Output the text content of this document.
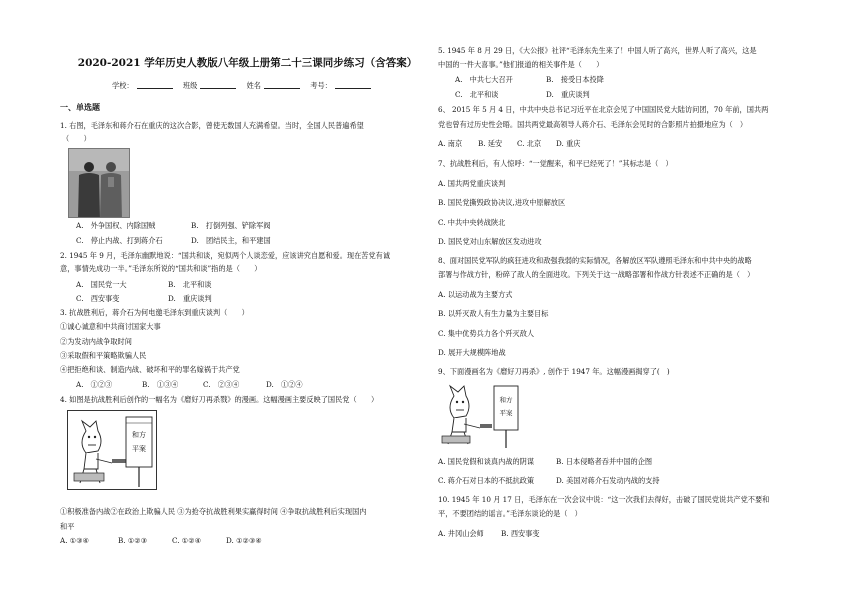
2020-2021 学年历史人教版八年级上册第二十三课同步练习（含答案）
学校：	班级	姓名	考号：
一、单选题
1. 右图，毛泽东和蒋介石在重庆的这次合影，曾使无数国人充满希望。当时，全国人民普遍希望
（　　）
A.　外争国权、内除国贼	B.　打倒列强、铲除军阀
C.　停止内战、打到蒋介石	D.　团结民主，和平建国
2. 1945 年 9 月，毛泽东幽默地说：“国共和谈，宛似两个人谈恋爱，应该讲究自愿和爱。现在苦党有诚
意，事情先成功一半。”毛泽东所说的“国共和谈”指的是（　　）
A.　国民党一大	B.　北平和谈
C.　西安事变	D.　重庆谈判
3. 抗战胜利后，蒋介石为何电邀毛泽东到重庆谈判（　　）
①诚心诚意和中共商讨国家大事
②为发动内战争取时间
③采取假和平策略欺骗人民
④把拒绝和谈、制造内战、破坏和平的罪名嫁祸于共产党
A.　①②③	B.　①③④	C.　②③④	D.　①②④
4. 如图是抗战胜利后创作的一幅名为《磨好刀再杀戮》的漫画。这幅漫画主要反映了国民党（　　）
和方
平案
①积极准备内战②在政治上欺骗人民 ③为抢夺抗战胜利果实赢得时间 ④争取抗战胜利后实现国内
和平
A. ①③④	B. ①②③	C. ①②④	D. ①②③④
5. 1945 年 8 月 29 日，《大公报》社评“毛泽东先生来了！中国人听了高兴，世界人听了高兴，这是
中国的一件大喜事。”他们报道的相关事件是（　　）
A.　中共七大召开	B.　接受日本投降
C.　北平和谈	D.　重庆谈判
6、 2015 年 5 月 4 日，中共中央总书记习近平在北京会见了中国国民党大陆访问团，70 年前，国共两
党也曾有过历史性会晤。国共两党最高领导人蒋介石、毛泽东会见时的合影照片拍摄地应为（　）
A. 南京 B. 延安 C. 北京 D. 重庆
7、抗战胜利后，有人惊呼：“一觉醒来，和平已经死了！”其标志是（　）
A. 国共两党重庆谈判
B. 国民党撕毁政协决议,进攻中原解放区
C. 中共中央转战陕北
D. 国民党对山东解放区发动进攻
8、面对国民党军队的疯狂进攻和敌强我弱的实际情况，各解放区军队遵照毛泽东和中共中央的战略
部署与作战方针，粉碎了敌人的全面进攻。下列关于这一战略部署和作战方针表述不正确的是（　）
A. 以运动战为主要方式
B. 以歼灭敌人有生力量为主要目标
C. 集中优势兵力各个歼灭敌人
D. 展开大规模阵地战
9、下面漫画名为《磨好刀再杀》, 创作于 1947 年。这幅漫画揭穿了(　)
和方
平案
A. 国民党假和谈真内战的阴谋	B. 日本侵略者吞并中国的企图
C. 蒋介石对日本的不抵抗政策	D. 美国对蒋介石发动内战的支持
10. 1945 年 10 月 17 日，毛泽东在一次会议中说：“这一次我们去得好，击破了国民党说共产党不要和
平，不要团结的谣言。”毛泽东谈论的是（　）
A. 井冈山会师 B. 西安事变
